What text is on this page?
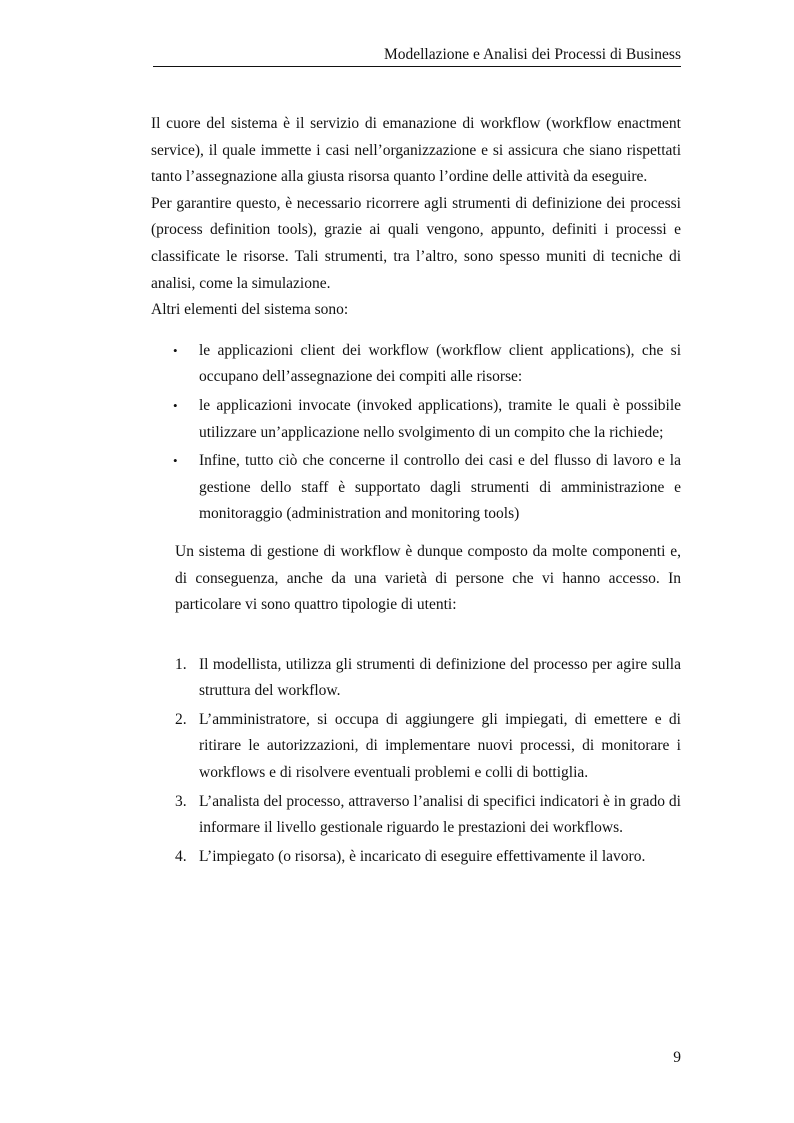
Modellazione e Analisi dei Processi di Business

Il cuore del sistema è il servizio di emanazione di workflow (workflow enactment service), il quale immette i casi nell’organizzazione e si assicura che siano rispettati tanto l’assegnazione alla giusta risorsa quanto l’ordine delle attività da eseguire.

Per garantire questo, è necessario ricorrere agli strumenti di definizione dei processi (process definition tools), grazie ai quali vengono, appunto, definiti i processi e classificate le risorse. Tali strumenti, tra l’altro, sono spesso muniti di tecniche di analisi, come la simulazione.

Altri elementi del sistema sono:

• le applicazioni client dei workflow (workflow client applications), che si occupano dell’assegnazione dei compiti alle risorse:
• le applicazioni invocate (invoked applications), tramite le quali è possibile utilizzare un’applicazione nello svolgimento di un compito che la richiede;
• Infine, tutto ciò che concerne il controllo dei casi e del flusso di lavoro e la gestione dello staff è supportato dagli strumenti di amministrazione e monitoraggio (administration and monitoring tools)

Un sistema di gestione di workflow è dunque composto da molte componenti e, di conseguenza, anche da una varietà di persone che vi hanno accesso. In particolare vi sono quattro tipologie di utenti:

1. Il modellista, utilizza gli strumenti di definizione del processo per agire sulla struttura del workflow.
2. L’amministratore, si occupa di aggiungere gli impiegati, di emettere e di ritirare le autorizzazioni, di implementare nuovi processi, di monitorare i workflows e di risolvere eventuali problemi e colli di bottiglia.
3. L’analista del processo, attraverso l’analisi di specifici indicatori è in grado di informare il livello gestionale riguardo le prestazioni dei workflows.
4. L’impiegato (o risorsa), è incaricato di eseguire effettivamente il lavoro.
9
